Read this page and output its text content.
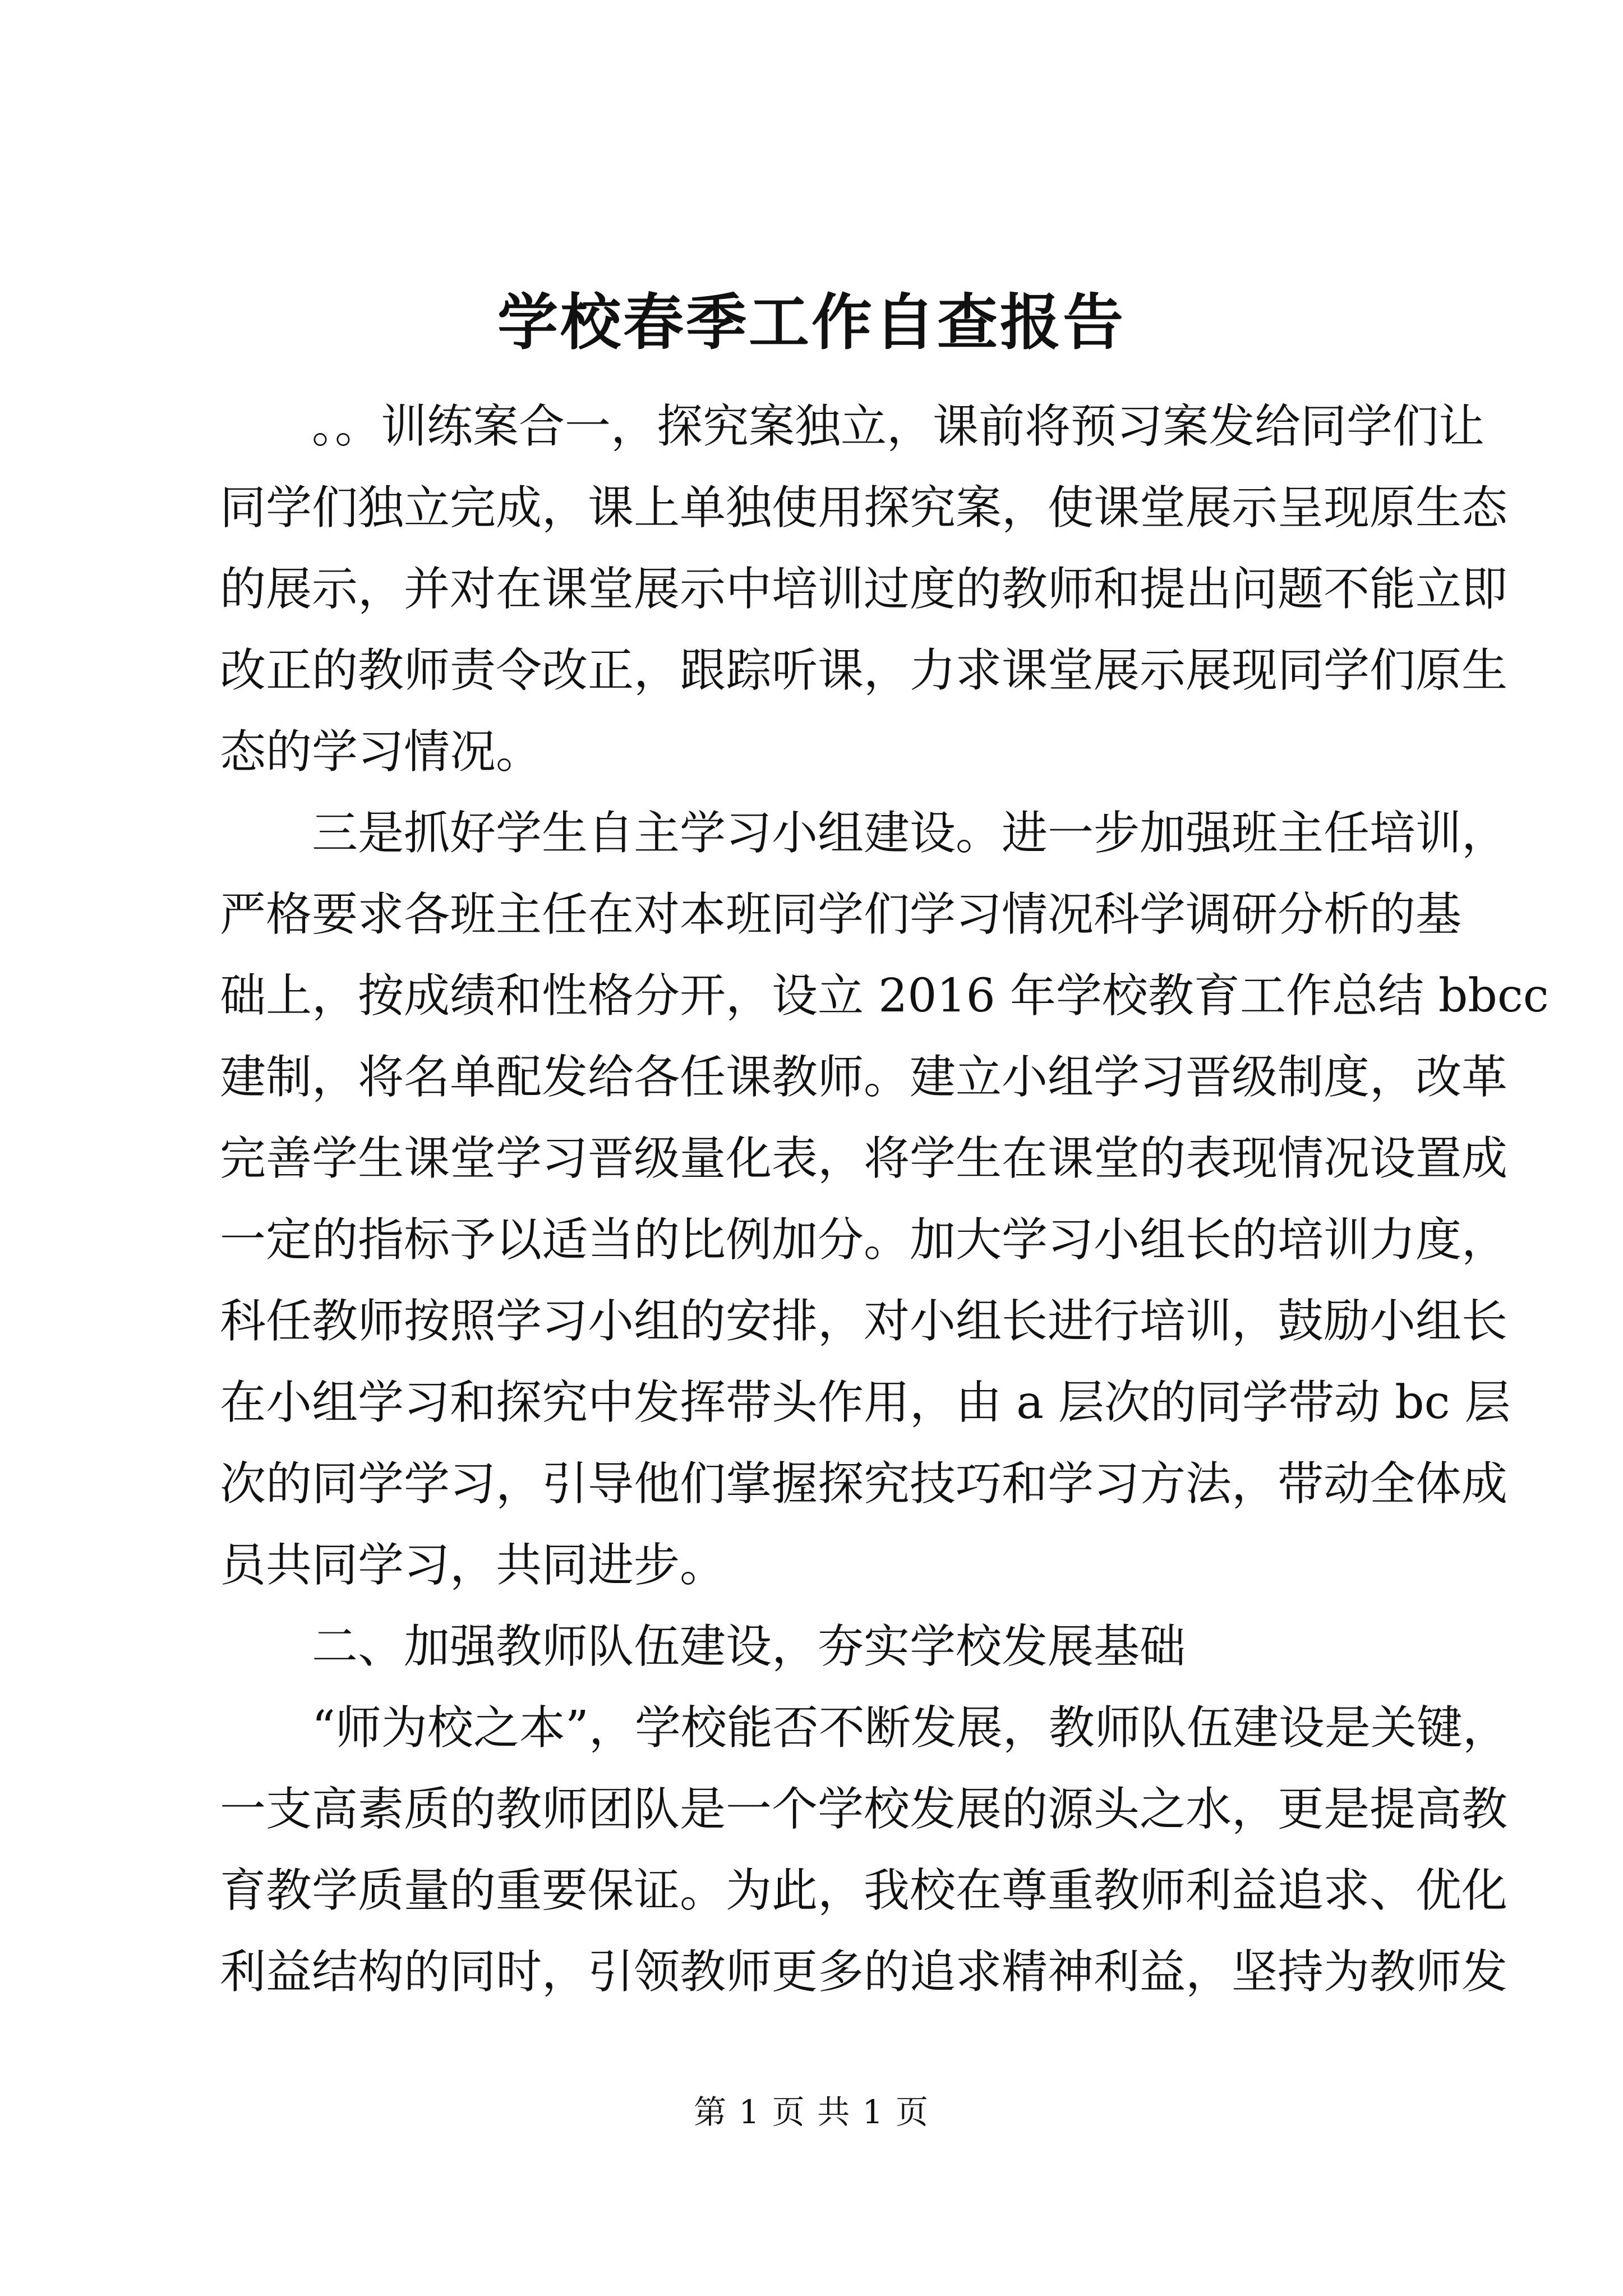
学校春季工作自查报告
。。训练案合一，探究案独立，课前将预习案发给同学们让
同学们独立完成，课上单独使用探究案，使课堂展示呈现原生态
的展示，并对在课堂展示中培训过度的教师和提出问题不能立即
改正的教师责令改正，跟踪听课，力求课堂展示展现同学们原生
态的学习情况。
三是抓好学生自主学习小组建设。进一步加强班主任培训，
严格要求各班主任在对本班同学们学习情况科学调研分析的基
础上，按成绩和性格分开，设立 2016 年学校教育工作总结 bbcc
建制，将名单配发给各任课教师。建立小组学习晋级制度，改革
完善学生课堂学习晋级量化表，将学生在课堂的表现情况设置成
一定的指标予以适当的比例加分。加大学习小组长的培训力度，
科任教师按照学习小组的安排，对小组长进行培训，鼓励小组长
在小组学习和探究中发挥带头作用，由 a 层次的同学带动 bc 层
次的同学学习，引导他们掌握探究技巧和学习方法，带动全体成
员共同学习，共同进步。
二、加强教师队伍建设，夯实学校发展基础
“师为校之本”，学校能否不断发展，教师队伍建设是关键，
一支高素质的教师团队是一个学校发展的源头之水，更是提高教
育教学质量的重要保证。为此，我校在尊重教师利益追求、优化
利益结构的同时，引领教师更多的追求精神利益，坚持为教师发
第 1 页 共 1 页
